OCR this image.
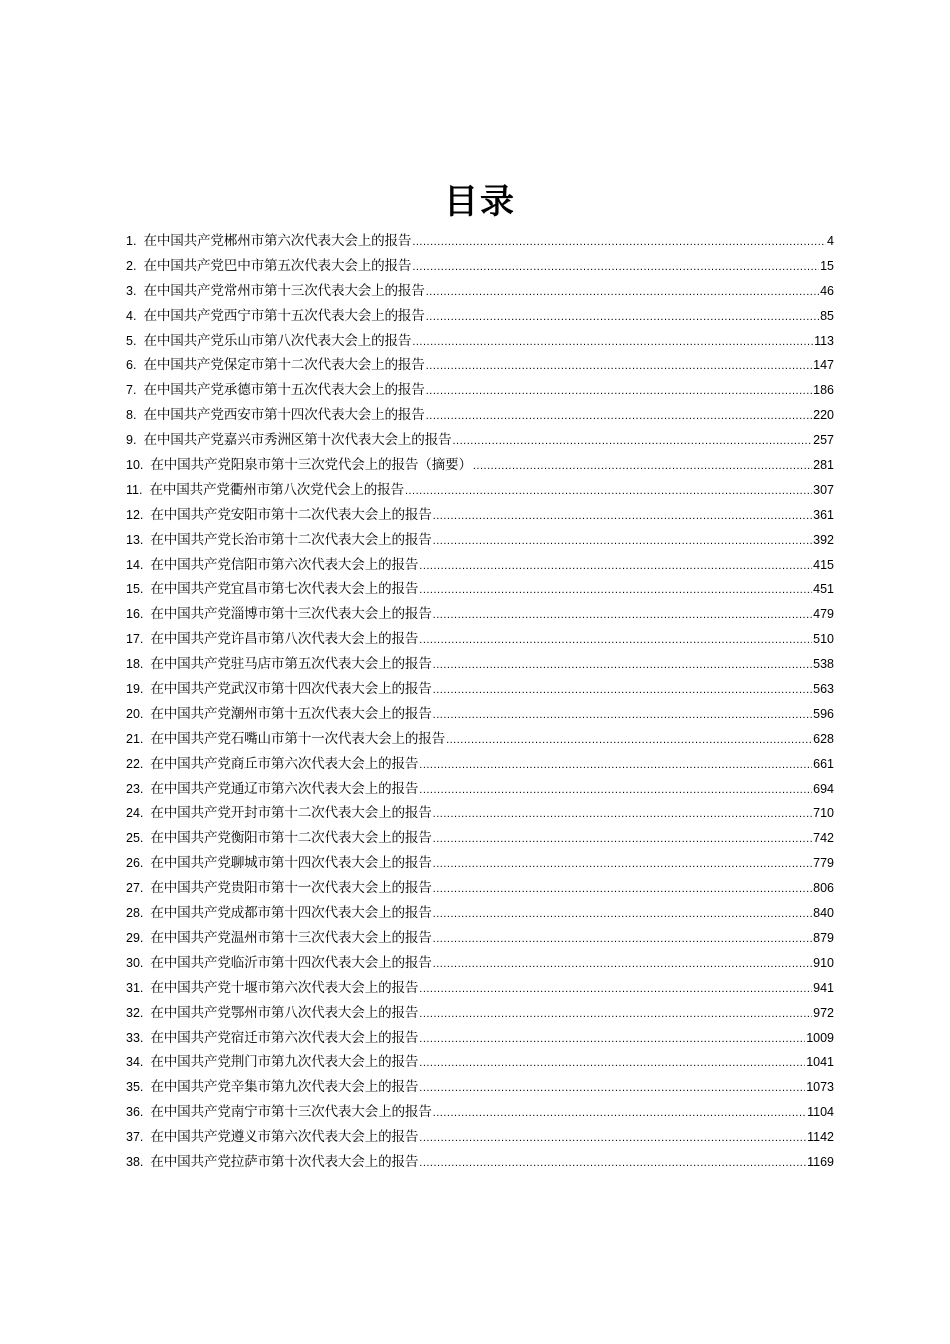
目录
1. 在中国共产党郴州市第六次代表大会上的报告 .....	4
2. 在中国共产党巴中市第五次代表大会上的报告 .....	15
3. 在中国共产党常州市第十三次代表大会上的报告 .....	46
4. 在中国共产党西宁市第十五次代表大会上的报告 .....	85
5. 在中国共产党乐山市第八次代表大会上的报告 .....	113
6. 在中国共产党保定市第十二次代表大会上的报告 .....	147
7. 在中国共产党承德市第十五次代表大会上的报告 .....	186
8. 在中国共产党西安市第十四次代表大会上的报告 .....	220
9. 在中国共产党嘉兴市秀洲区第十次代表大会上的报告 .....	257
10. 在中国共产党阳泉市第十三次党代会上的报告（摘要） .....	281
11. 在中国共产党衢州市第八次党代会上的报告 .....	307
12. 在中国共产党安阳市第十二次代表大会上的报告 .....	361
13. 在中国共产党长治市第十二次代表大会上的报告 .....	392
14. 在中国共产党信阳市第六次代表大会上的报告 .....	415
15. 在中国共产党宜昌市第七次代表大会上的报告 .....	451
16. 在中国共产党淄博市第十三次代表大会上的报告 .....	479
17. 在中国共产党许昌市第八次代表大会上的报告 .....	510
18. 在中国共产党驻马店市第五次代表大会上的报告 .....	538
19. 在中国共产党武汉市第十四次代表大会上的报告 .....	563
20. 在中国共产党潮州市第十五次代表大会上的报告 .....	596
21. 在中国共产党石嘴山市第十一次代表大会上的报告 .....	628
22. 在中国共产党商丘市第六次代表大会上的报告 .....	661
23. 在中国共产党通辽市第六次代表大会上的报告 .....	694
24. 在中国共产党开封市第十二次代表大会上的报告 .....	710
25. 在中国共产党衡阳市第十二次代表大会上的报告 .....	742
26. 在中国共产党聊城市第十四次代表大会上的报告 .....	779
27. 在中国共产党贵阳市第十一次代表大会上的报告 .....	806
28. 在中国共产党成都市第十四次代表大会上的报告 .....	840
29. 在中国共产党温州市第十三次代表大会上的报告 .....	879
30. 在中国共产党临沂市第十四次代表大会上的报告 .....	910
31. 在中国共产党十堰市第六次代表大会上的报告 .....	941
32. 在中国共产党鄂州市第八次代表大会上的报告 .....	972
33. 在中国共产党宿迁市第六次代表大会上的报告 .....	1009
34. 在中国共产党荆门市第九次代表大会上的报告 .....	1041
35. 在中国共产党辛集市第九次代表大会上的报告 .....	1073
36. 在中国共产党南宁市第十三次代表大会上的报告 .....	1104
37. 在中国共产党遵义市第六次代表大会上的报告 .....	1142
38. 在中国共产党拉萨市第十次代表大会上的报告 .....	1169
